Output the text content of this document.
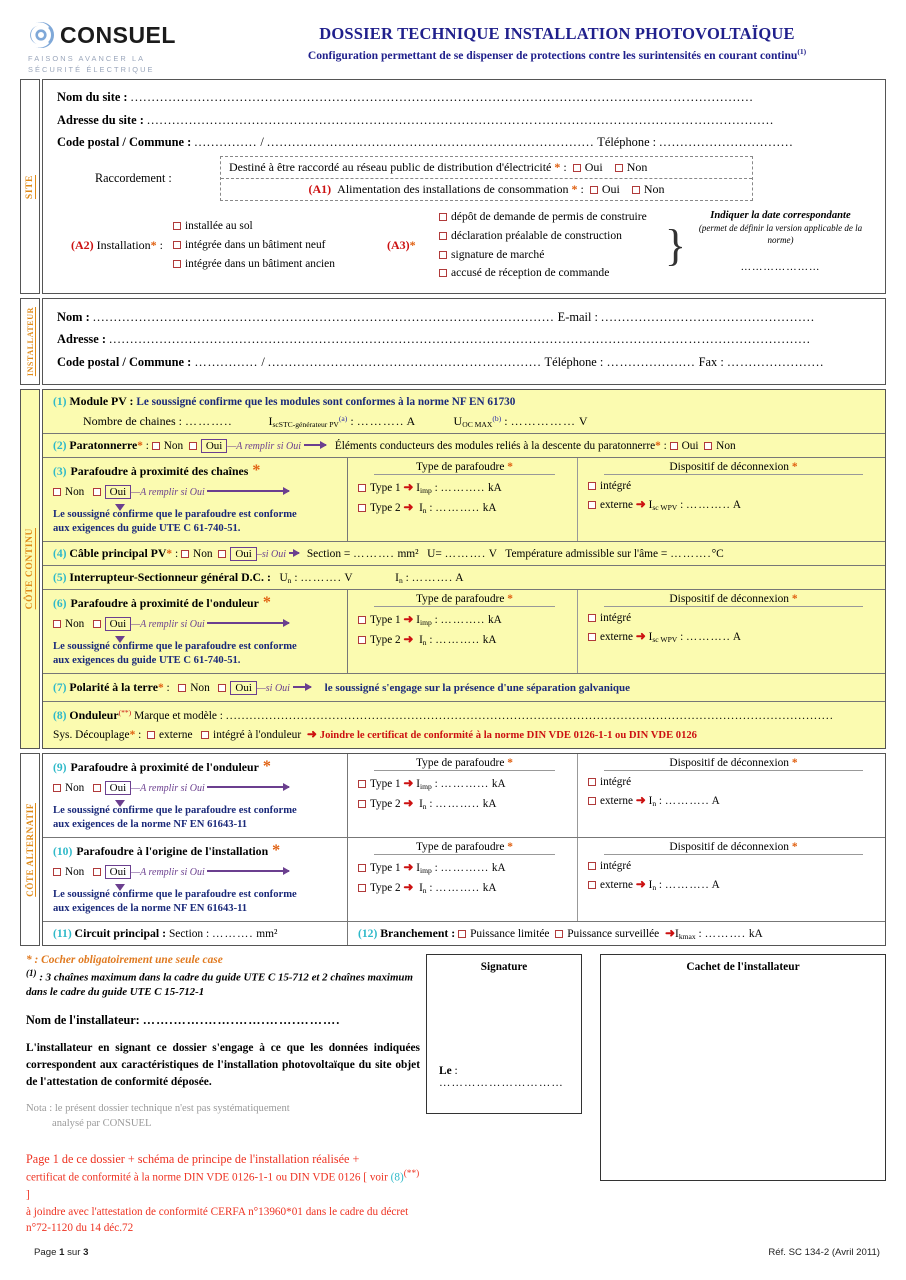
CONSUEL
FAISONS AVANCER LA
SÉCURITÉ ÉLECTRIQUE
DOSSIER TECHNIQUE INSTALLATION PHOTOVOLTAÏQUE
Configuration permettant de se dispenser de protections contre les surintensités en courant continu$^{(1)}$
SITE
Nom du site : ...............................................................................…...............................................…................
Adresse du site : .........................................................................................…...................................…...................
Code postal / Commune : ............... / .............................................................................. Téléphone : ................................
Raccordement :
Destiné à être raccordé au réseau public de distribution d'électricité * :  Oui Non
(A1) Alimentation des installations de consommation * :  Oui Non
(A2) Installation* :
installée au sol
intégrée dans un bâtiment neuf
intégrée dans un bâtiment ancien
(A3) *
dépôt de demande de permis de construire
déclaration préalable de construction
signature de marché
accusé de réception de commande
}
Indiquer la date correspondante
(permet de définir la version applicable de la norme)
…………………
INSTALLATEUR Nom : .............................................................................................................. E-mail : ...................................................
Adresse : ..........................................................................................................................................…..........................
Code postal / Commune : …............ / ................................................….............. Téléphone : ….................. Fax : …....................
CÔTE CONTINU
(1) Module PV : Le soussigné confirme que les modules sont conformes à la norme NF EN 61730
Nombre de chaines : ………..	$I_{scSTC-générateur PV}^{(a)}$ : ……….. A	$U_{OC MAX}^{(b)}$ : …………… V
(2) Paratonnerre* : Non Oui —A remplir si Oui	Éléments conducteurs des modules reliés à la descente du paratonnerre* : Oui Non
(3) Parafoudre à proximité des chaînes *
Non Oui —A remplir si Oui
Le soussigné confirme que le parafoudre est conforme
aux exigences du guide UTE C 61-740-51.
Type de parafoudre *
Type 1 ➜ $I_{imp}$ : ……….. kA
Type 2 ➜ $I_n$ : ……….. kA
Dispositif de déconnexion *
intégré
externe ➜ $I_{sc WPV}$ : ……….. A
(4) Câble principal PV* : Non Oui –si Oui Section = ………. mm² U= ………. V Température admissible sur l'âme = ……….°C
(5) Interrupteur-Sectionneur général D.C. : $U_n$ : ………. V	$I_n$ : ………. A
(6) Parafoudre à proximité de l'onduleur *
Non Oui —A remplir si Oui
Le soussigné confirme que le parafoudre est conforme
aux exigences du guide UTE C 61-740-51.
Type de parafoudre *
Type 1 ➜ $I_{imp}$ : ……….. kA
Type 2 ➜ $I_n$ : ……….. kA
Dispositif de déconnexion *
intégré
externe ➜ $I_{sc WPV}$ : ……….. A
(7) Polarité à la terre* :   Non Oui —si Oui	le soussigné s'engage sur la présence d'une séparation galvanique
(8) Onduleur(**) Marque et modèle : ..........................................................................................................................................................
Sys. Découplage* :  externe intégré à l'onduleur ➜ Joindre le certificat de conformité à la norme DIN VDE 0126-1-1 ou DIN VDE 0126
CÔTE ALTERNATIF
(9) Parafoudre à proximité de l'onduleur *
Non Oui —A remplir si Oui
Le soussigné confirme que le parafoudre est conforme
aux exigences de la norme NF EN 61643-11
Type de parafoudre *
Type 1 ➜ $I_{imp}$ : ………... kA
Type 2 ➜ $I_n$ : ……….. kA
Dispositif de déconnexion *
intégré
externe ➜ $I_n$ : ……….. A
(10) Parafoudre à l'origine de l'installation *
Non Oui —A remplir si Oui
Le soussigné confirme que le parafoudre est conforme
aux exigences de la norme NF EN 61643-11
Type de parafoudre *
Type 1 ➜ $I_{imp}$ : ………... kA
Type 2 ➜ $I_n$ : ……….. kA
Dispositif de déconnexion *
intégré
externe ➜ $I_n$ : ……….. A
(11) Circuit principal : Section : ………. mm²	(12) Branchement : Puissance limitée Puissance surveillée $➜I_{kmax}$ : ………. kA
* : Cocher obligatoirement une seule case
$^{(1)}$ : 3 chaînes maximum dans la cadre du guide UTE C 15-712 et 2 chaînes maximum dans le cadre du guide UTE C 15-712-1
Nom de l'installateur: …….…….…….…….…….……….
L'installateur en signant ce dossier s'engage à ce que les données indiquées correspondent aux caractéristiques de l'installation photovoltaïque du site objet de l'attestation de conformité déposée.
Nota : le présent dossier technique n'est pas systématiquement
analysé par CONSUEL
Page 1 de ce dossier + schéma de principe de l'installation réalisée +
certificat de conformité à la norme DIN VDE 0126-1-1 ou DIN VDE 0126 [ voir (8)(**) ]
à joindre avec l'attestation de conformité CERFA n°13960*01 dans le cadre du décret n°72-1120 du 14 déc.72
Signature
Le : …………………………
Cachet de l'installateur
Page 1 sur 3	Réf. SC 134-2 (Avril 2011)
